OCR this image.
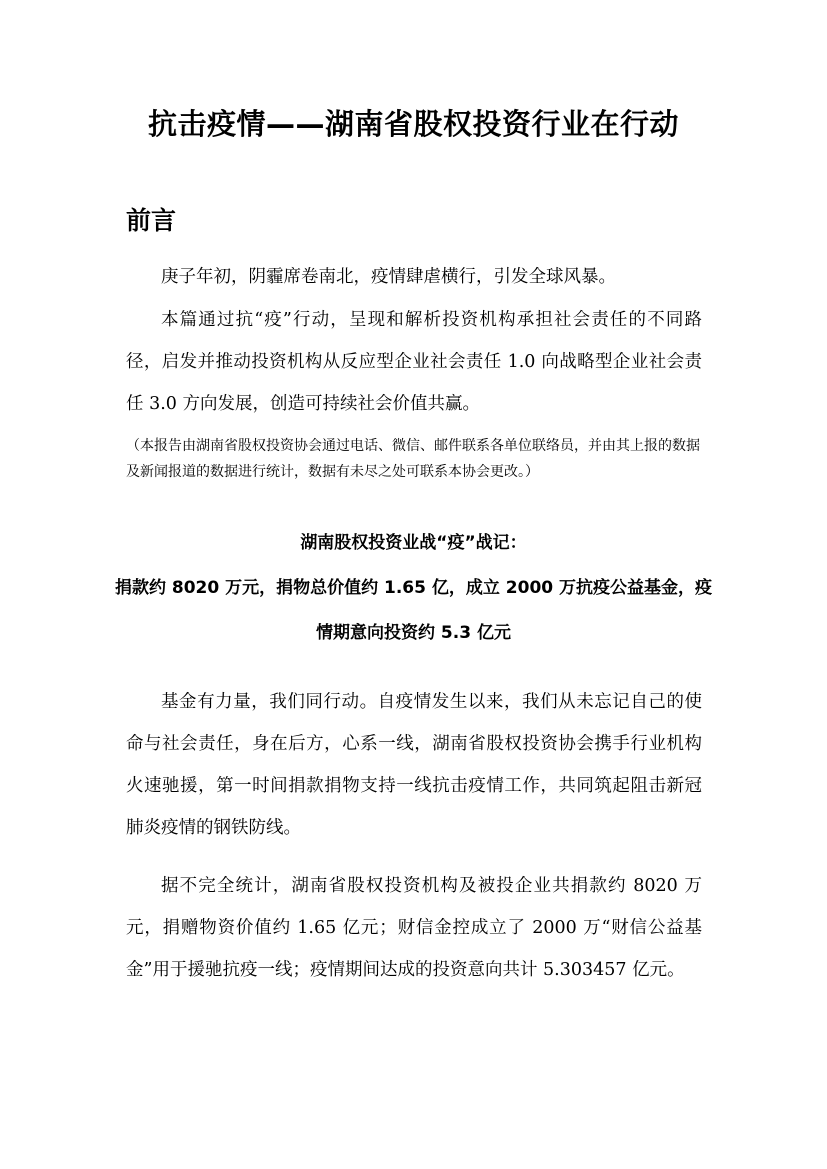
抗击疫情——湖南省股权投资行业在行动
前言

庚子年初，阴霾席卷南北，疫情肆虐横行，引发全球风暴。

本篇通过抗“疫”行动，呈现和解析投资机构承担社会责任的不同路径，启发并推动投资机构从反应型企业社会责任 1.0 向战略型企业社会责任 3.0 方向发展，创造可持续社会价值共赢。

（本报告由湖南省股权投资协会通过电话、微信、邮件联系各单位联络员，并由其上报的数据及新闻报道的数据进行统计，数据有未尽之处可联系本协会更改。）

湖南股权投资业战“疫”战记：

捐款约 8020 万元，捐物总价值约 1.65 亿，成立 2000 万抗疫公益基金，疫情期意向投资约 5.3 亿元

基金有力量，我们同行动。自疫情发生以来，我们从未忘记自己的使命与社会责任，身在后方，心系一线，湖南省股权投资协会携手行业机构火速驰援，第一时间捐款捐物支持一线抗击疫情工作，共同筑起阻击新冠肺炎疫情的钢铁防线。

据不完全统计，湖南省股权投资机构及被投企业共捐款约 8020 万元，捐赠物资价值约 1.65 亿元；财信金控成立了 2000 万“财信公益基金”用于援驰抗疫一线；疫情期间达成的投资意向共计 5.303457 亿元。
